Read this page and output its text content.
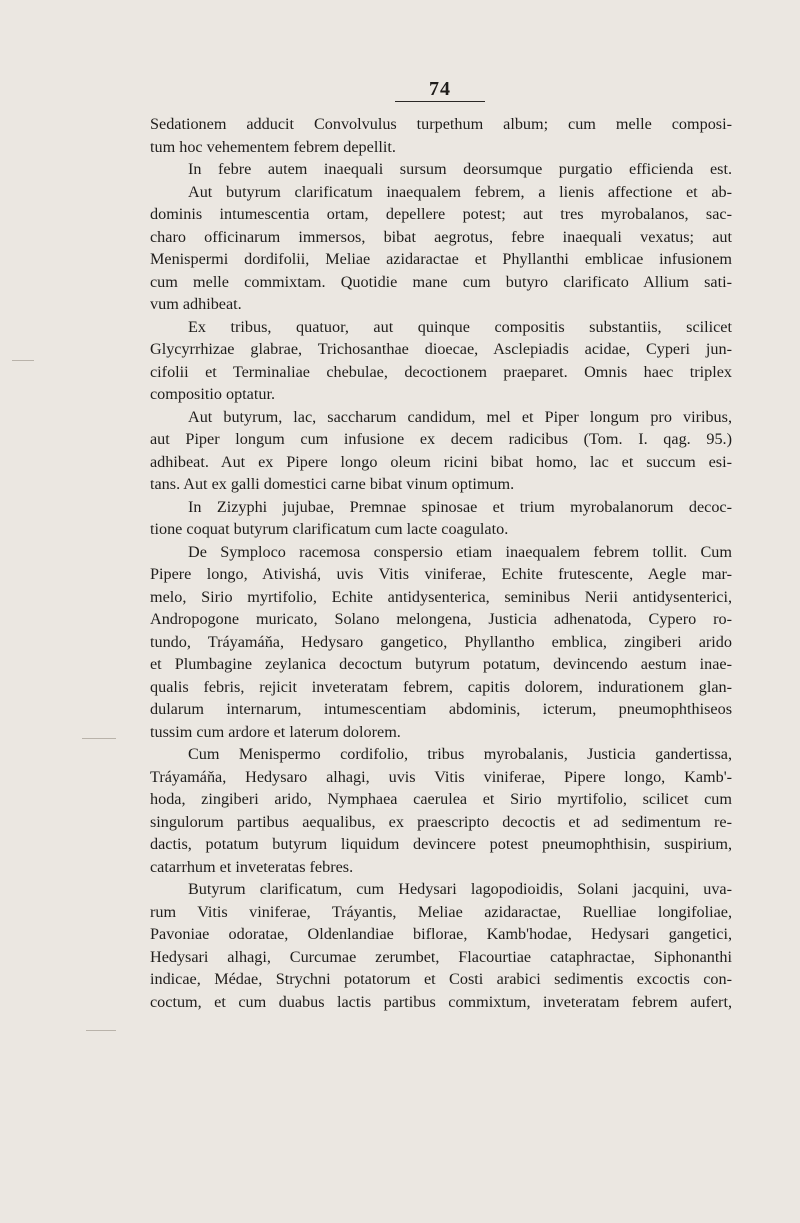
74

Sedationem adducit Convolvulus turpethum album; cum melle composi-
tum hoc vehementem febrem depellit.

In febre autem inaequali sursum deorsumque purgatio efficienda est.

Aut butyrum clarificatum inaequalem febrem, a lienis affectione et ab-
dominis intumescentia ortam, depellere potest; aut tres myrobalanos, sac-
charo officinarum immersos, bibat aegrotus, febre inaequali vexatus; aut
Menispermi dordifolii, Meliae azidaractae et Phyllanthi emblicae infusionem
cum melle commixtam. Quotidie mane cum butyro clarificato Allium sati-
vum adhibeat.

Ex tribus, quatuor, aut quinque compositis substantiis, scilicet
Glycyrrhizae glabrae, Trichosanthae dioecae, Asclepiadis acidae, Cyperi jun-
cifolii et Terminaliae chebulae, decoctionem praeparet. Omnis haec triplex
compositio optatur.

Aut butyrum, lac, saccharum candidum, mel et Piper longum pro viribus,
aut Piper longum cum infusione ex decem radicibus (Tom. I. qag. 95.)
adhibeat. Aut ex Pipere longo oleum ricini bibat homo, lac et succum esi-
tans. Aut ex galli domestici carne bibat vinum optimum.

In Zizyphi jujubae, Premnae spinosae et trium myrobalanorum decoc-
tione coquat butyrum clarificatum cum lacte coagulato.

De Symploco racemosa conspersio etiam inaequalem febrem tollit. Cum
Pipere longo, Ativishá, uvis Vitis viniferae, Echite frutescente, Aegle mar-
melo, Sirio myrtifolio, Echite antidysenterica, seminibus Nerii antidysenterici,
Andropogone muricato, Solano melongena, Justicia adhenatoda, Cypero ro-
tundo, Tráyamáňa, Hedysaro gangetico, Phyllantho emblica, zingiberi arido
et Plumbagine zeylanica decoctum butyrum potatum, devincendo aestum inae-
qualis febris, rejicit inveteratam febrem, capitis dolorem, indurationem glan-
dularum internarum, intumescentiam abdominis, icterum, pneumophthiseos
tussim cum ardore et laterum dolorem.

Cum Menispermo cordifolio, tribus myrobalanis, Justicia gandertissa,
Tráyamáňa, Hedysaro alhagi, uvis Vitis viniferae, Pipere longo, Kamb'-
hoda, zingiberi arido, Nymphaea caerulea et Sirio myrtifolio, scilicet cum
singulorum partibus aequalibus, ex praescripto decoctis et ad sedimentum re-
dactis, potatum butyrum liquidum devincere potest pneumophthisin, suspirium,
catarrhum et inveteratas febres.

Butyrum clarificatum, cum Hedysari lagopodioidis, Solani jacquini, uva-
rum Vitis viniferae, Tráyantis, Meliae azidaractae, Ruelliae longifoliae,
Pavoniae odoratae, Oldenlandiae biflorae, Kamb'hodae, Hedysari gangetici,
Hedysari alhagi, Curcumae zerumbet, Flacourtiae cataphractae, Siphonanthi
indicae, Médae, Strychni potatorum et Costi arabici sedimentis excoctis con-
coctum, et cum duabus lactis partibus commixtum, inveteratam febrem aufert,
